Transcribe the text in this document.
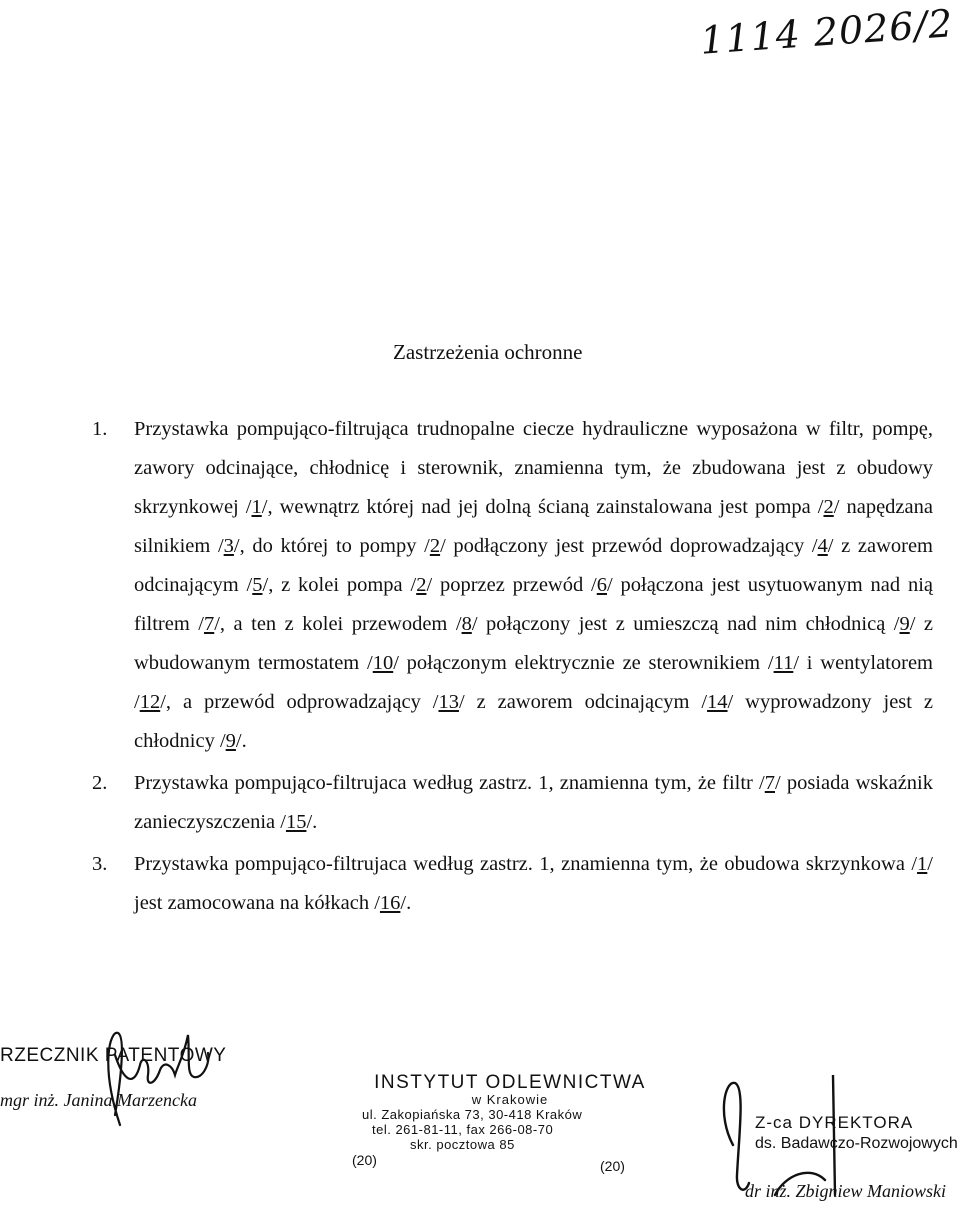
1114 2026/2
Zastrzeżenia ochronne
1.	Przystawka pompująco-filtrująca trudnopalne ciecze hydrauliczne wyposażona w filtr, pompę, zawory odcinające, chłodnicę i sterownik, znamienna tym, że zbudowana jest z obudowy skrzynkowej /1/, wewnątrz której nad jej dolną ścianą zainstalowana jest pompa /2/ napędzana silnikiem /3/, do której to pompy /2/ podłączony jest przewód doprowadzający /4/ z zaworem odcinającym /5/, z kolei pompa /2/ poprzez przewód /6/ połączona jest usytuowanym nad nią filtrem /7/, a ten z kolei przewodem /8/ połączony jest z umieszczą nad nim chłodnicą /9/ z wbudowanym termostatem /10/ połączonym elektrycznie ze sterownikiem /11/ i wentylatorem /12/, a przewód odprowadzający /13/ z zaworem odcinającym /14/ wyprowadzony jest z chłodnicy /9/.
2.	Przystawka pompująco-filtrujaca według zastrz. 1, znamienna tym, że filtr /7/ posiada wskaźnik zanieczyszczenia /15/.
3.	Przystawka pompująco-filtrujaca według zastrz. 1, znamienna tym, że obudowa skrzynkowa /1/ jest zamocowana na kółkach /16/.
RZECZNIK PATENTOWY
mgr inż. Janina Marzencka
INSTYTUT ODLEWNICTWA
w Krakowie
ul. Zakopiańska 73, 30-418 Kraków
tel. 261-81-11, fax 266-08-70
skr. pocztowa 85
(20)	(20)
Z-ca DYREKTORA
ds. Badawczo-Rozwojowych
dr inż. Zbigniew Maniowski
